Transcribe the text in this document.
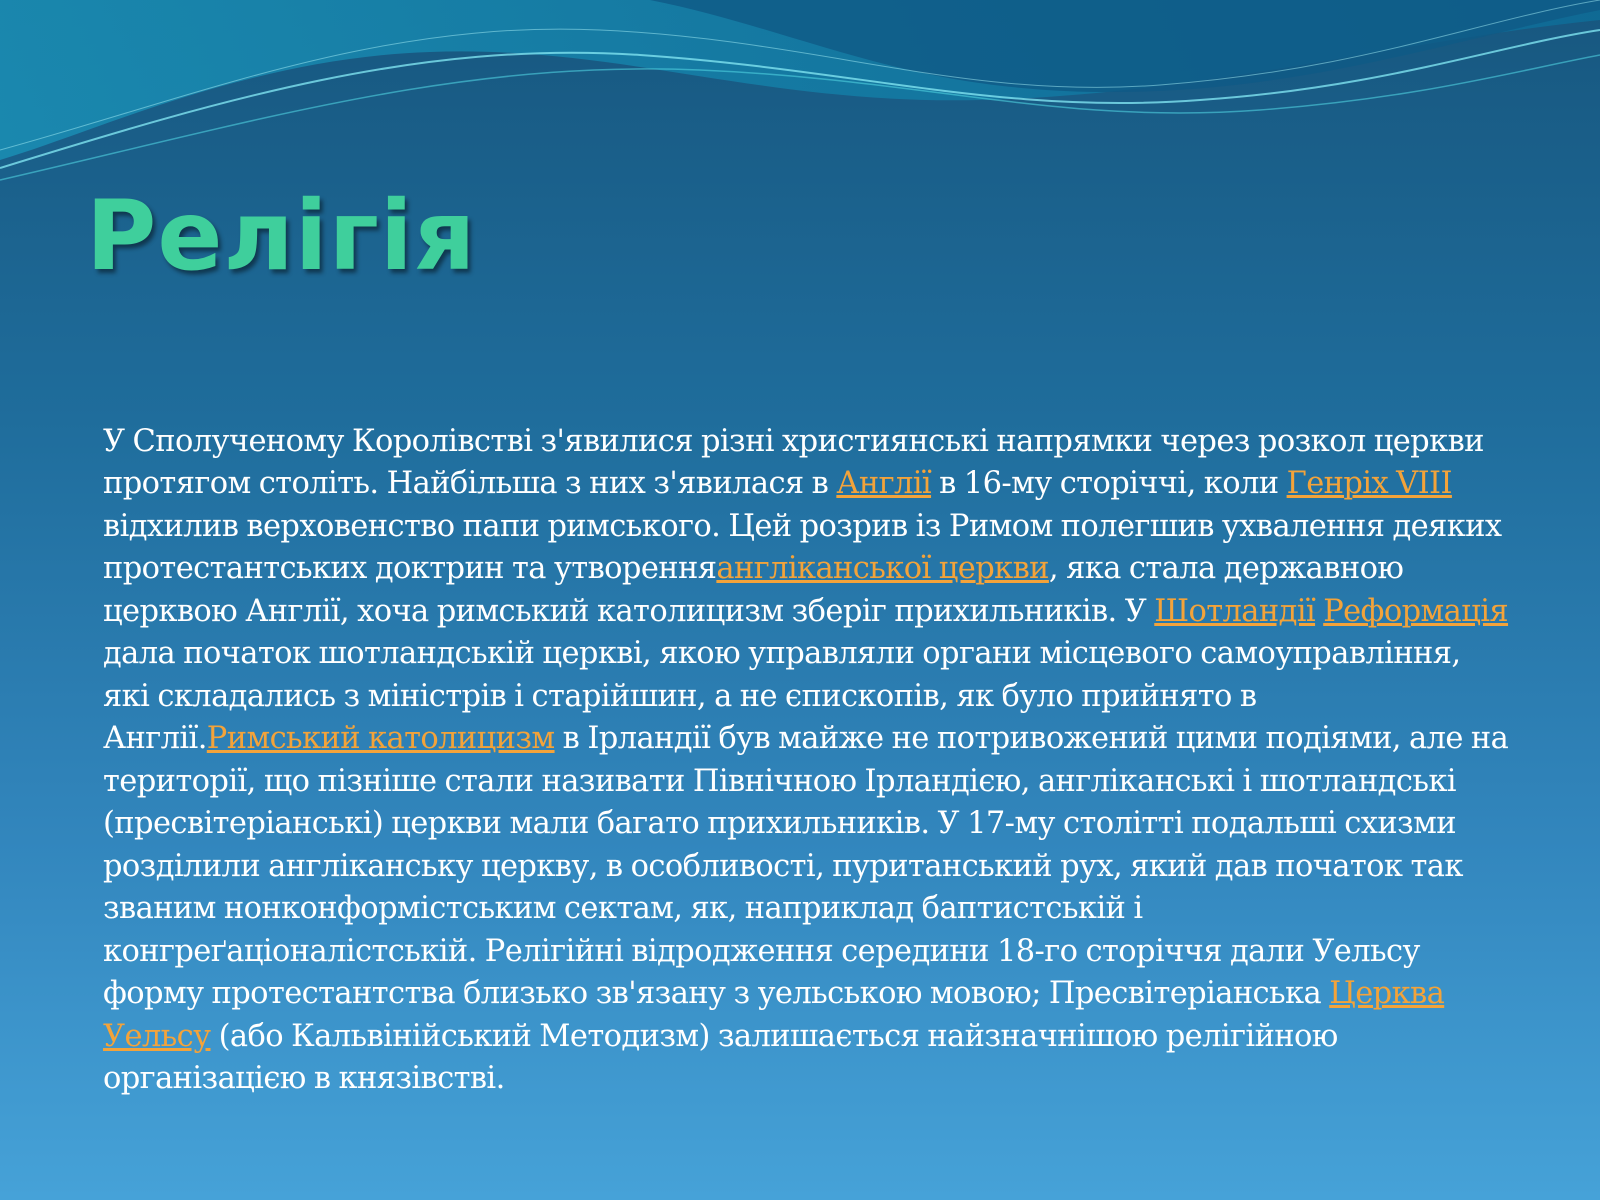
Релігія

У Сполученому Королівстві з'явилися різні християнські напрямки через розкол церкви протягом століть. Найбільша з них з'явилася в Англії в 16-му сторіччі, коли Генріх VIII відхилив верховенство папи римського. Цей розрив із Римом полегшив ухвалення деяких протестантських доктрин та утворенняангліканської церкви, яка стала державною церквою Англії, хоча римський католицизм зберіг прихильників. У Шотландії Реформація дала початок шотландській церкві, якою управляли органи місцевого самоуправління, які складались з міністрів і старійшин, а не єпископів, як було прийнято в Англії.Римський католицизм в Ірландії був майже не потривожений цими подіями, але на території, що пізніше стали називати Північною Ірландією, англіканські і шотландські (пресвітеріанські) церкви мали багато прихильників. У 17-му столітті подальші схизми розділили англіканську церкву, в особливості, пуританський рух, який дав початок так званим нонконформістським сектам, як, наприклад баптистській і конгреґаціоналістській. Релігійні відродження середини 18-го сторіччя дали Уельсу форму протестантства близько зв'язану з уельською мовою; Пресвітеріанська Церква Уельсу (або Кальвінійський Методизм) залишається найзначнішою релігійною організацією в князівстві.
